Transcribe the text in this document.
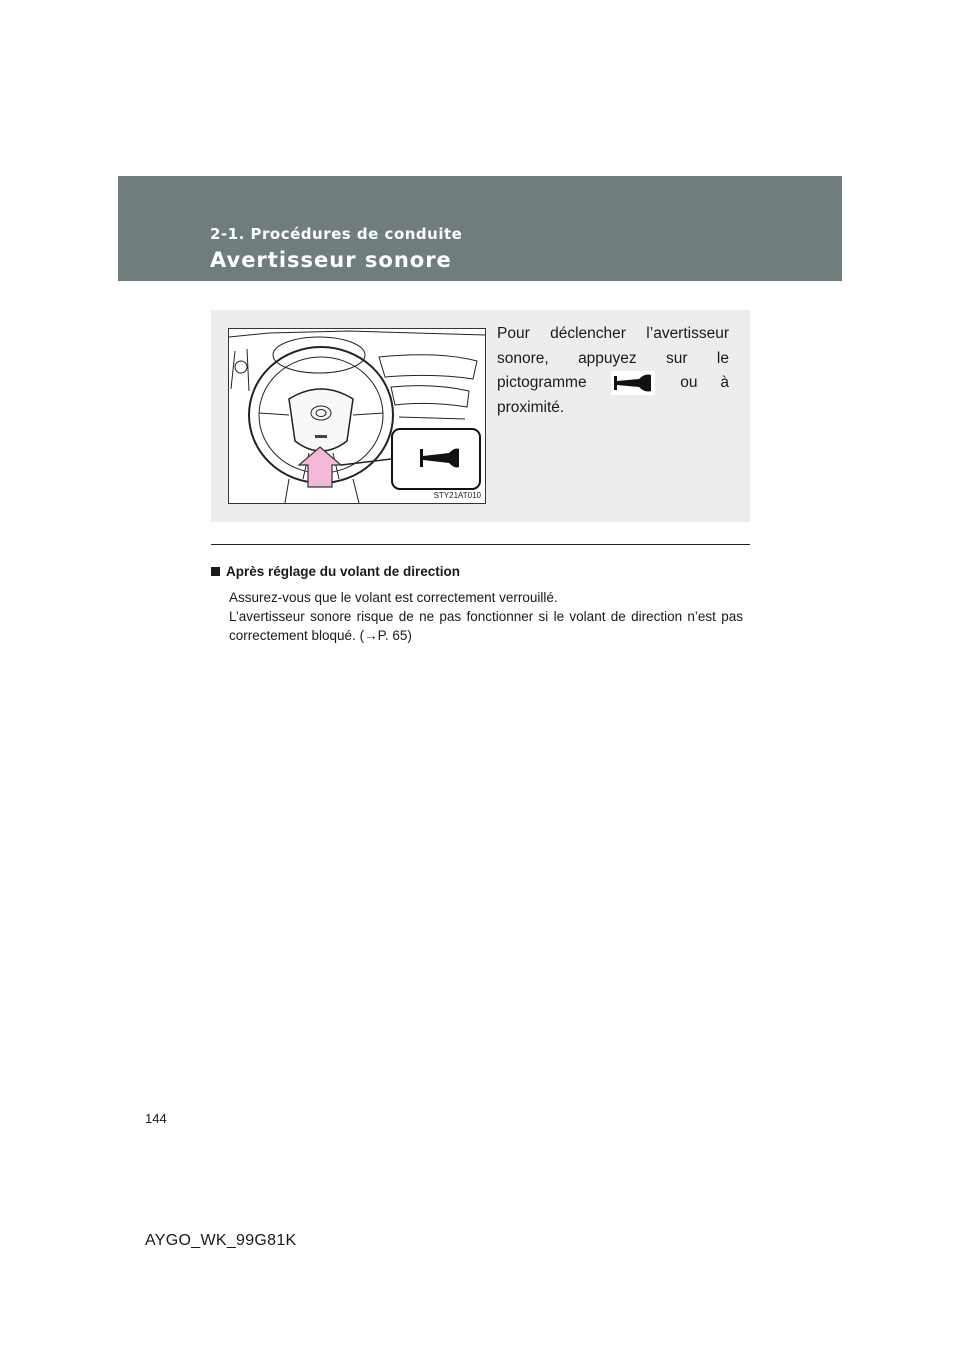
2-1. Procédures de conduite

Avertisseur sonore
STY21AT010
Pour déclencher l’avertisseur sonore, appuyez sur le pictogramme	ou à proximité.

Après réglage du volant de direction

Assurez-vous que le volant est correctement verrouillé.
L’avertisseur sonore risque de ne pas fonctionner si le volant de direction n’est pas correctement bloqué. (→P. 65)
144
AYGO_WK_99G81K
